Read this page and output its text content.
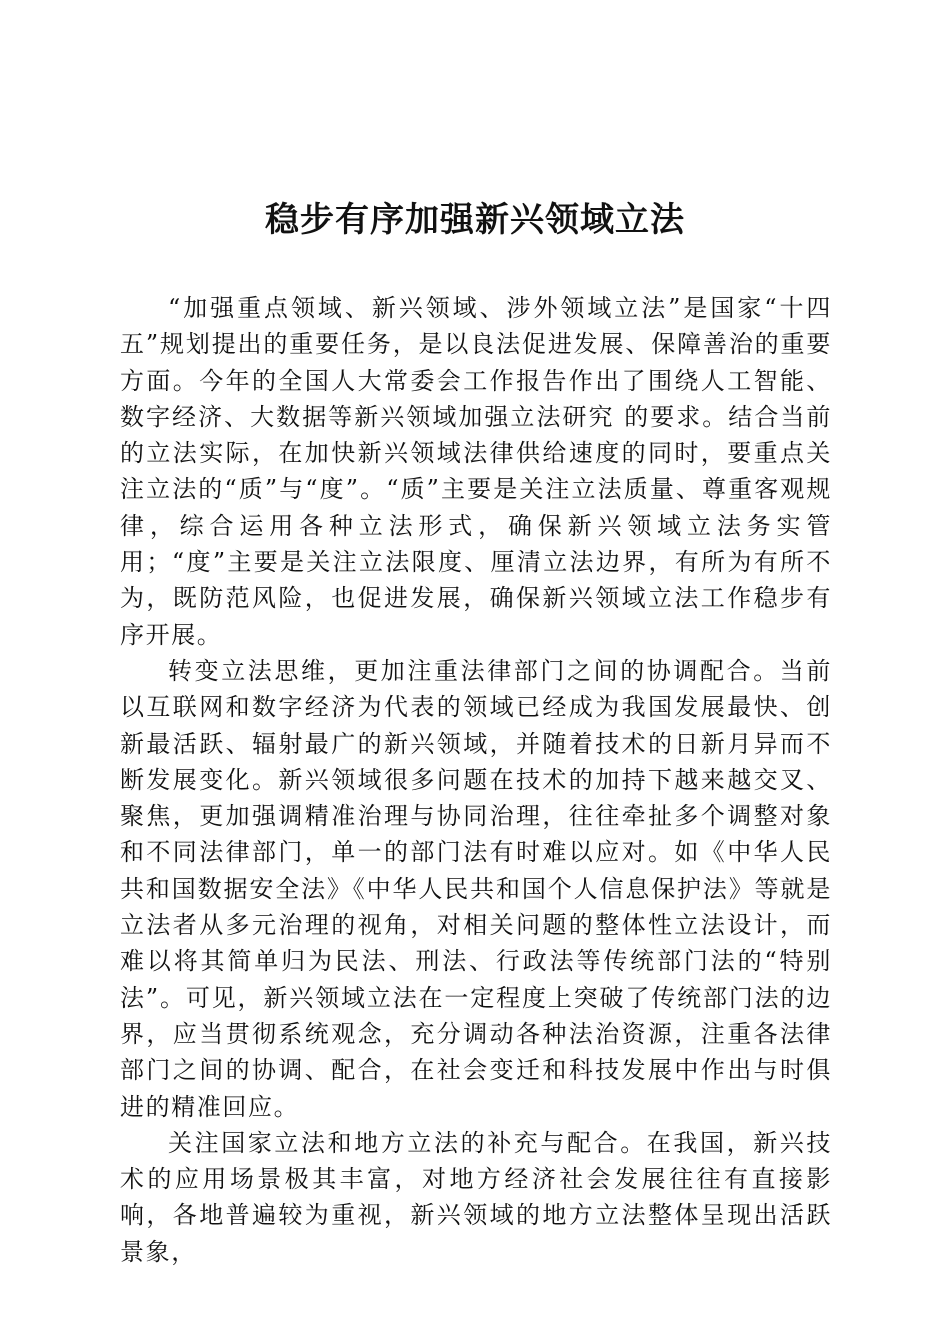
稳步有序加强新兴领域立法

“加强重点领域、新兴领域、涉外领域立法”是国家“十四五”规划提出的重要任务，是以良法促进发展、保障善治的重要方面。今年的全国人大常委会工作报告作出了围绕人工智能、数字经济、大数据等新兴领域加强立法研究 的要求。结合当前的立法实际，在加快新兴领域法律供给速度的同时，要重点关注立法的“质”与“度”。“质”主要是关注立法质量、尊重客观规律，综合运用各种立法形式，确保新兴领域立法务实管用；“度”主要是关注立法限度、厘清立法边界，有所为有所不为，既防范风险，也促进发展，确保新兴领域立法工作稳步有序开展。

转变立法思维，更加注重法律部门之间的协调配合。当前以互联网和数字经济为代表的领域已经成为我国发展最快、创新最活跃、辐射最广的新兴领域，并随着技术的日新月异而不断发展变化。新兴领域很多问题在技术的加持下越来越交叉、聚焦，更加强调精准治理与协同治理，往往牵扯多个调整对象和不同法律部门，单一的部门法有时难以应对。如《中华人民共和国数据安全法》《中华人民共和国个人信息保护法》等就是立法者从多元治理的视角，对相关问题的整体性立法设计，而难以将其简单归为民法、刑法、行政法等传统部门法的“特别法”。可见，新兴领域立法在一定程度上突破了传统部门法的边界，应当贯彻系统观念，充分调动各种法治资源，注重各法律部门之间的协调、配合，在社会变迁和科技发展中作出与时俱进的精准回应。

关注国家立法和地方立法的补充与配合。在我国，新兴技术的应用场景极其丰富，对地方经济社会发展往往有直接影响，各地普遍较为重视，新兴领域的地方立法整体呈现出活跃景象，
